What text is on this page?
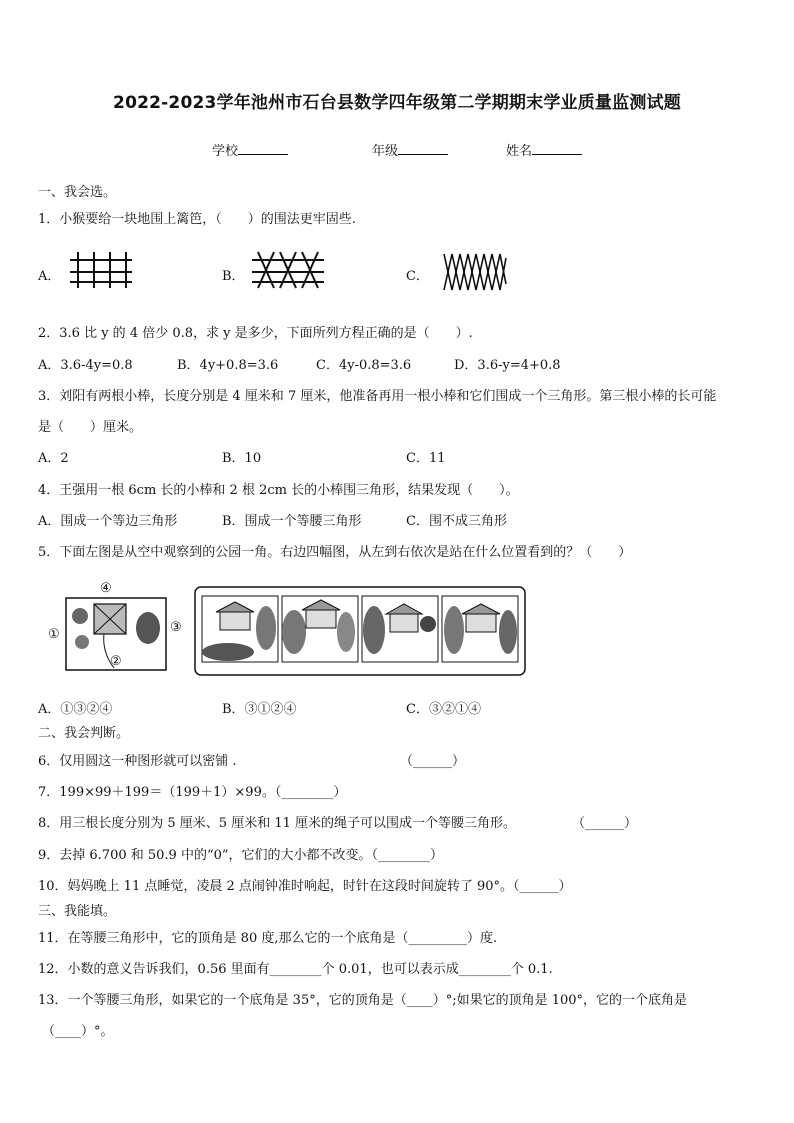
2022-2023学年池州市石台县数学四年级第二学期期末学业质量监测试题
学校	年级	姓名
一、我会选。
1．小猴要给一块地围上篱笆，（　　）的围法更牢固些.
A．	B．	C．
2．3.6 比 y 的 4 倍少 0.8，求 y 是多少，下面所列方程正确的是（　　）.
A．3.6-4y=0.8	B．4y+0.8=3.6	C．4y-0.8=3.6	D．3.6-y=4+0.8
3．刘阳有两根小棒，长度分别是 4 厘米和 7 厘米，他准备再用一根小棒和它们围成一个三角形。第三根小棒的长可能
是（　　）厘米。
A．2	B．10	C．11
4．王强用一根 6cm 长的小棒和 2 根 2cm 长的小棒围三角形，结果发现（　　）。
A．围成一个等边三角形	B．围成一个等腰三角形	C．围不成三角形
5．下面左图是从空中观察到的公园一角。右边四幅图，从左到右依次是站在什么位置看到的？（　　）
④
①
②
③
A．①③②④	B．③①②④	C．③②①④
二、我会判断。
6．仅用圆这一种图形就可以密铺 .	（______）
7．199×99＋199＝（199＋1）×99。（________）
8．用三根长度分别为 5 厘米、5 厘米和 11 厘米的绳子可以围成一个等腰三角形。	（______）
9．去掉 6.700 和 50.9 中的“0”，它们的大小都不改变。（________）
10．妈妈晚上 11 点睡觉，凌晨 2 点闹钟准时响起，时针在这段时间旋转了 90°。（______）
三、我能填。
11．在等腰三角形中，它的顶角是 80 度,那么它的一个底角是（_________）度.
12．小数的意义告诉我们，0.56 里面有________个 0.01，也可以表示成________个 0.1.
13．一个等腰三角形，如果它的一个底角是 35°，它的顶角是（____）°;如果它的顶角是 100°，它的一个底角是
（____）°。
